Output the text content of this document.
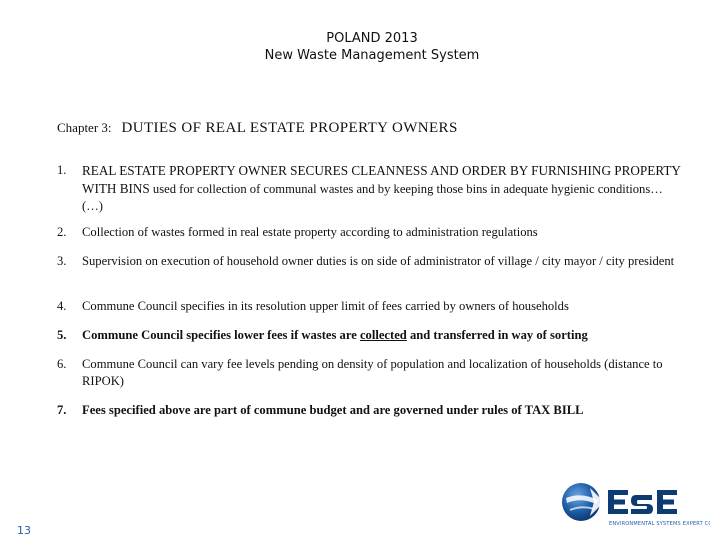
POLAND 2013
New Waste Management System
Chapter 3: DUTIES OF REAL ESTATE PROPERTY OWNERS
1.	REAL ESTATE PROPERTY OWNER SECURES CLEANNESS AND ORDER BY FURNISHING PROPERTY WITH BINS used for collection of communal wastes and by keeping those bins in adequate hygienic conditions… (…)
2.	Collection of wastes formed in real estate property according to administration regulations
3.	Supervision on execution of household owner duties is on side of administrator of village / city mayor / city president
4.	Commune Council specifies in its resolution upper limit of fees carried by owners of households
5.	Commune Council specifies lower fees if wastes are collected and transferred in way of sorting
6.	Commune Council can vary fee levels pending on density of population and localization of households (distance to RIPOK)
7.	Fees specified above are part of commune budget and are governed under rules of TAX BILL
13	ENVIRONMENTAL SYSTEMS EXPERT CO
